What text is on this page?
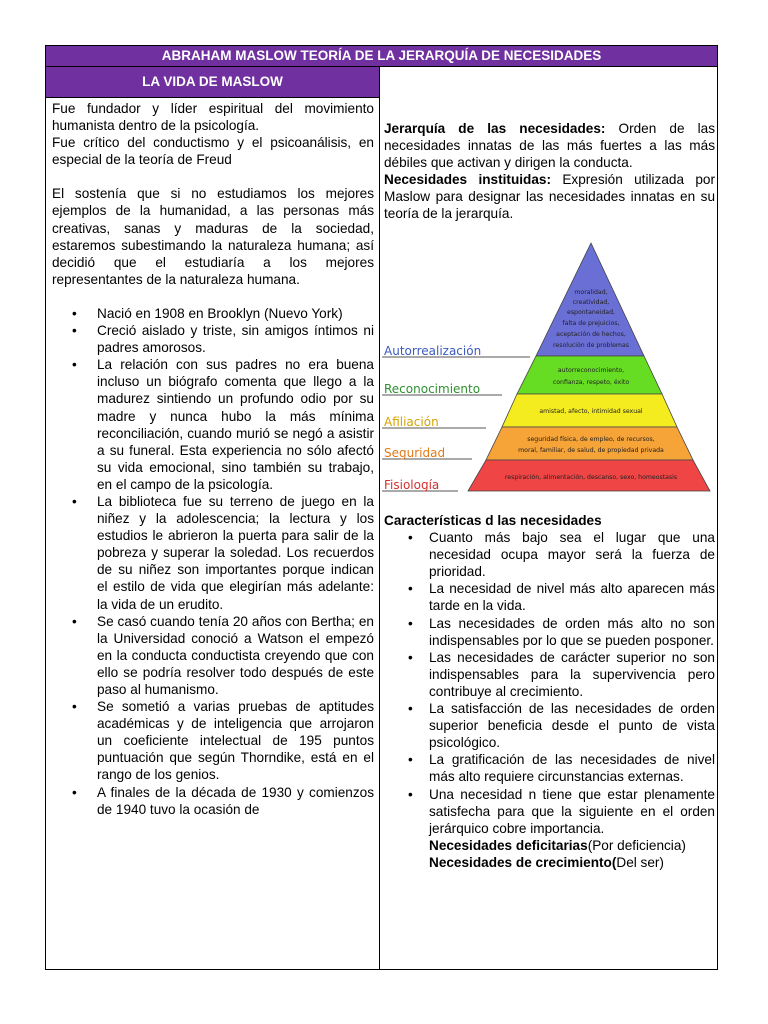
ABRAHAM MASLOW TEORÍA DE LA JERARQUÍA DE NECESIDADES
LA VIDA DE MASLOW

Fue fundador y líder espiritual del movimiento humanista dentro de la psicología.

Fue crítico del conductismo y el psicoanálisis, en especial de la teoría de Freud

El sostenía que si no estudiamos los mejores ejemplos de la humanidad, a las personas más creativas, sanas y maduras de la sociedad, estaremos subestimando la naturaleza humana; así decidió que el estudiaría a los mejores representantes de la naturaleza humana.

• Nació en 1908 en Brooklyn (Nuevo York)
• Creció aislado y triste, sin amigos íntimos ni padres amorosos.
• La relación con sus padres no era buena incluso un biógrafo comenta que llego a la madurez sintiendo un profundo odio por su madre y nunca hubo la más mínima reconciliación, cuando murió se negó a asistir a su funeral. Esta experiencia no sólo afectó su vida emocional, sino también su trabajo, en el campo de la psicología.
• La biblioteca fue su terreno de juego en la niñez y la adolescencia; la lectura y los estudios le abrieron la puerta para salir de la pobreza y superar la soledad. Los recuerdos de su niñez son importantes porque indican el estilo de vida que elegirían más adelante: la vida de un erudito.
• Se casó cuando tenía 20 años con Bertha; en la Universidad conoció a Watson el empezó en la conducta conductista creyendo que con ello se podría resolver todo después de este paso al humanismo.
• Se sometió a varias pruebas de aptitudes académicas y de inteligencia que arrojaron un coeficiente intelectual de 195 puntos puntuación que según Thorndike, está en el rango de los genios.
• A finales de la década de 1930 y comienzos de 1940 tuvo la ocasión de

Jerarquía de las necesidades: Orden de las necesidades innatas de las más fuertes a las más débiles que activan y dirigen la conducta.

Necesidades instituidas: Expresión utilizada por Maslow para designar las necesidades innatas en su teoría de la jerarquía.

Autorrealización
Reconocimiento
Afiliación
Seguridad
Fisiología
moralidad,
creatividad,
espontaneidad,
falta de prejuicios,
aceptación de hechos,
resolución de problemas
autorreconocimiento,
confianza, respeto, éxito
amistad, afecto, intimidad sexual
seguridad física, de empleo, de recursos,
moral, familiar, de salud, de propiedad privada
respiración, alimentación, descanso, sexo, homeostasis
Características d las necesidades
• Cuanto más bajo sea el lugar que una necesidad ocupa mayor será la fuerza de prioridad.
• La necesidad de nivel más alto aparecen más tarde en la vida.
• Las necesidades de orden más alto no son indispensables por lo que se pueden posponer.
• Las necesidades de carácter superior no son indispensables para la supervivencia pero contribuye al crecimiento.
• La satisfacción de las necesidades de orden superior beneficia desde el punto de vista psicológico.
• La gratificación de las necesidades de nivel más alto requiere circunstancias externas.
• Una necesidad n tiene que estar plenamente satisfecha para que la siguiente en el orden jerárquico cobre importancia.
Necesidades deficitarias(Por deficiencia)
Necesidades de crecimiento(Del ser)
